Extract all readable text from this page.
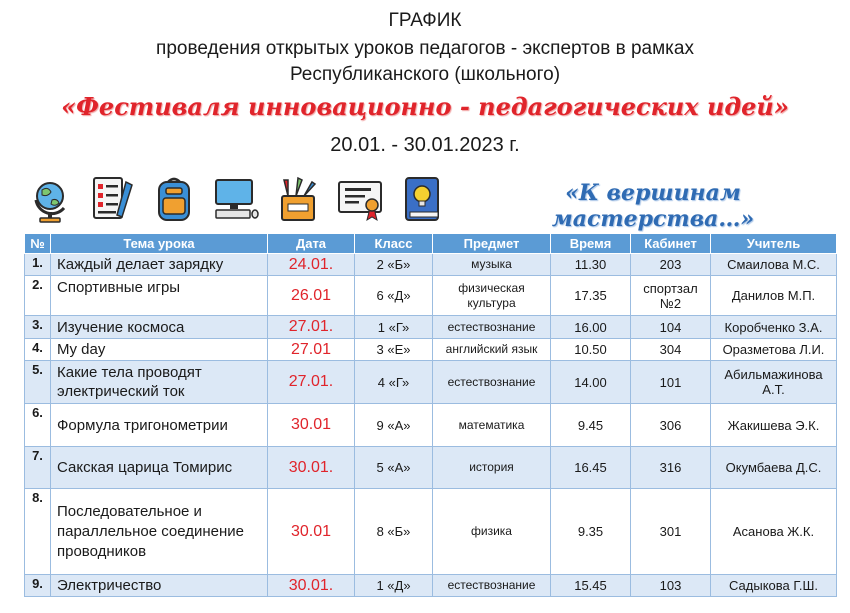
ГРАФИК
проведения открытых уроков педагогов - экспертов в рамках
Республиканского (школьного)
«Фестиваля инновационно - педагогических идей»
20.01. - 30.01.2023 г.
«К вершинам мастерства…»
№	Тема урока	Дата	Класс	Предмет	Время	Кабинет	Учитель
1.	Каждый делает зарядку	24.01.	2 «Б»	музыка	11.30	203	Смаилова М.С.
2.	Спортивные игры	26.01	6 «Д»	физическая культура	17.35	спортзал №2	Данилов М.П.
3.	Изучение космоса	27.01.	1 «Г»	естествознание	16.00	104	Коробченко З.А.
4.	My day	27.01	3 «Е»	английский язык	10.50	304	Оразметова Л.И.
5.	Какие тела проводят электрический ток	27.01.	4 «Г»	естествознание	14.00	101	Абильмажинова А.Т.
6.	Формула тригонометрии	30.01	9 «А»	математика	9.45	306	Жакишева Э.К.
7.	Сакская царица Томирис	30.01.	5 «А»	история	16.45	316	Окумбаева Д.С.
8.	Последовательное и параллельное соединение проводников	30.01	8 «Б»	физика	9.35	301	Асанова Ж.К.
9.	Электричество	30.01.	1 «Д»	естествознание	15.45	103	Садыкова Г.Ш.
